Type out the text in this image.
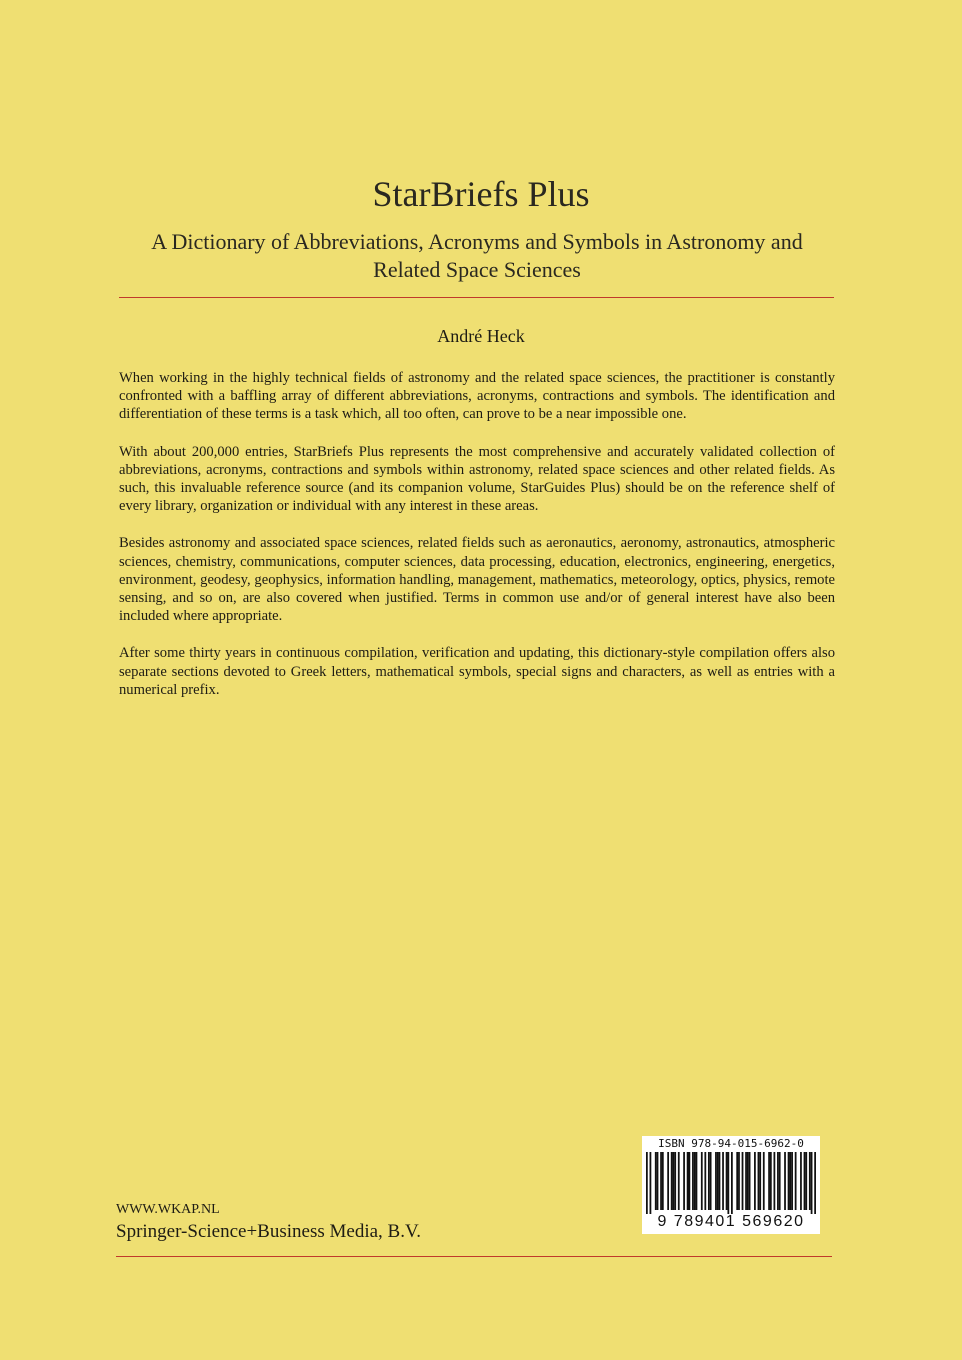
StarBriefs Plus
A Dictionary of Abbreviations, Acronyms and Symbols in Astronomy and Related Space Sciences
André Heck

When working in the highly technical fields of astronomy and the related space sciences, the practitioner is constantly confronted with a baffling array of different abbreviations, acronyms, contractions and symbols. The identification and differentiation of these terms is a task which, all too often, can prove to be a near impossible one.

With about 200,000 entries, StarBriefs Plus represents the most comprehensive and accurately validated collection of abbreviations, acronyms, contractions and symbols within astronomy, related space sciences and other related fields. As such, this invaluable reference source (and its companion volume, StarGuides Plus) should be on the reference shelf of every library, organization or individual with any interest in these areas.

Besides astronomy and associated space sciences, related fields such as aeronautics, aeronomy, astronautics, atmospheric sciences, chemistry, communications, computer sciences, data processing, education, electronics, engineering, energetics, environment, geodesy, geophysics, information handling, management, mathematics, meteorology, optics, physics, remote sensing, and so on, are also covered when justified. Terms in common use and/or of general interest have also been included where appropriate.

After some thirty years in continuous compilation, verification and updating, this dictionary-style compilation offers also separate sections devoted to Greek letters, mathematical symbols, special signs and characters, as well as entries with a numerical prefix.

ISBN 978-94-015-6962-0
9 789401 569620
WWW.WKAP.NL
Springer-Science+Business Media, B.V.
